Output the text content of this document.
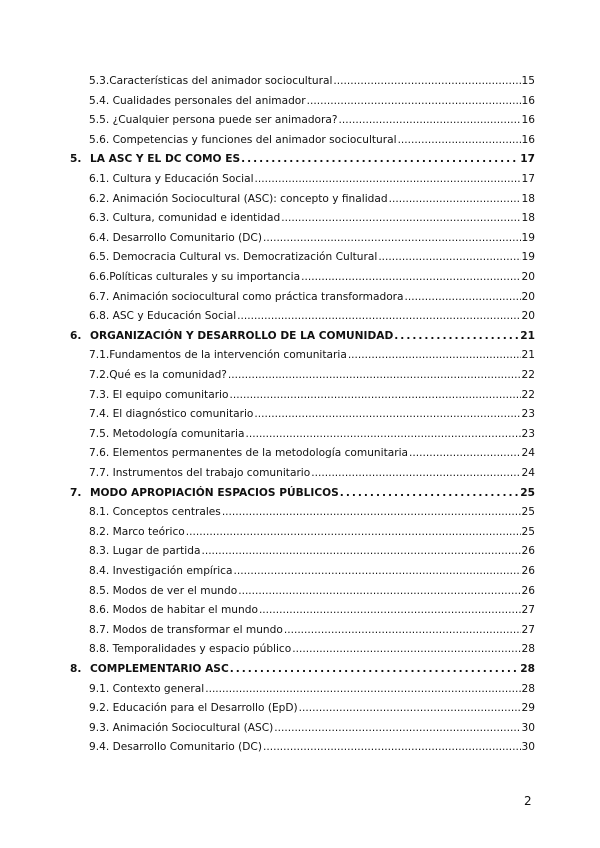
5.3.Características del animador sociocultural .....	15
5.4. Cualidades personales del animador .....	16
5.5. ¿Cualquier persona puede ser animadora? .....	16
5.6. Competencias y funciones del animador sociocultural .....	16
5. LA ASC Y EL DC COMO ES .....	17
6.1. Cultura y Educación Social .....	17
6.2. Animación Sociocultural (ASC): concepto y finalidad .....	18
6.3. Cultura, comunidad e identidad .....	18
6.4. Desarrollo Comunitario (DC) .....	19
6.5. Democracia Cultural vs. Democratización Cultural .....	19
6.6.Políticas culturales y su importancia .....	20
6.7. Animación sociocultural como práctica transformadora .....	20
6.8. ASC y Educación Social .....	20
6. ORGANIZACIÓN Y DESARROLLO DE LA COMUNIDAD .....	21
7.1.Fundamentos de la intervención comunitaria .....	21
7.2.Qué es la comunidad? .....	22
7.3. El equipo comunitario .....	22
7.4. El diagnóstico comunitario .....	23
7.5. Metodología comunitaria .....	23
7.6. Elementos permanentes de la metodología comunitaria .....	24
7.7. Instrumentos del trabajo comunitario .....	24
7. MODO APROPIACIÓN ESPACIOS PÚBLICOS .....	25
8.1. Conceptos centrales .....	25
8.2. Marco teórico .....	25
8.3. Lugar de partida .....	26
8.4. Investigación empírica .....	26
8.5. Modos de ver el mundo .....	26
8.6. Modos de habitar el mundo .....	27
8.7. Modos de transformar el mundo .....	27
8.8. Temporalidades y espacio público .....	28
8. COMPLEMENTARIO ASC .....	28
9.1. Contexto general .....	28
9.2. Educación para el Desarrollo (EpD) .....	29
9.3. Animación Sociocultural (ASC) .....	30
9.4. Desarrollo Comunitario (DC) .....	30
2
